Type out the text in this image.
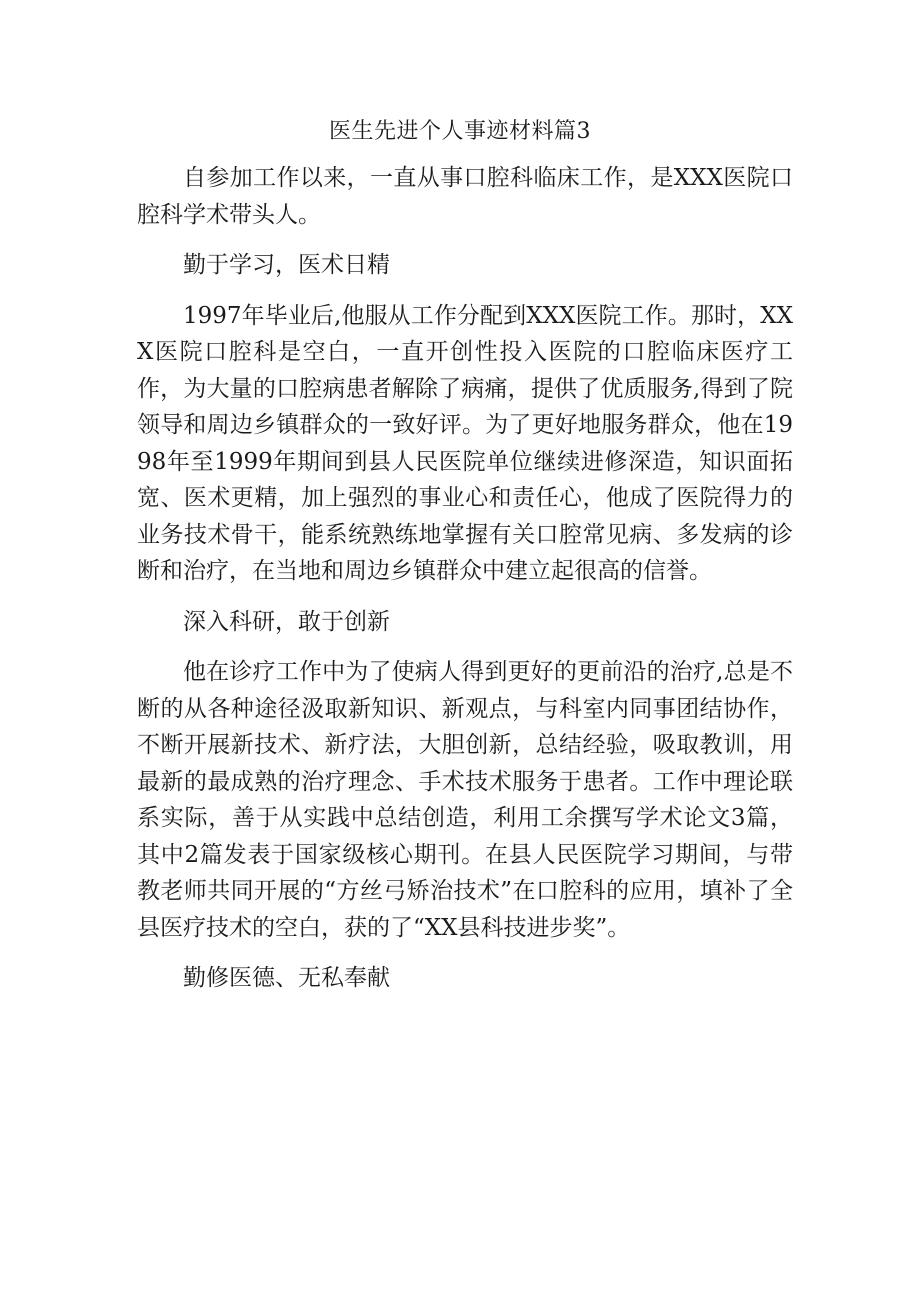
医生先进个人事迹材料篇3

自参加工作以来，一直从事口腔科临床工作，是XXX医院口腔科学术带头人。

勤于学习，医术日精

1997年毕业后,他服从工作分配到XXX医院工作。那时，XXX医院口腔科是空白，一直开创性投入医院的口腔临床医疗工作，为大量的口腔病患者解除了病痛，提供了优质服务,得到了院领导和周边乡镇群众的一致好评。为了更好地服务群众，他在1998年至1999年期间到县人民医院单位继续进修深造，知识面拓宽、医术更精，加上强烈的事业心和责任心，他成了医院得力的业务技术骨干，能系统熟练地掌握有关口腔常见病、多发病的诊断和治疗，在当地和周边乡镇群众中建立起很高的信誉。

深入科研，敢于创新

他在诊疗工作中为了使病人得到更好的更前沿的治疗,总是不断的从各种途径汲取新知识、新观点，与科室内同事团结协作，不断开展新技术、新疗法，大胆创新，总结经验，吸取教训，用最新的最成熟的治疗理念、手术技术服务于患者。工作中理论联系实际，善于从实践中总结创造，利用工余撰写学术论文3篇，其中2篇发表于国家级核心期刊。在县人民医院学习期间，与带教老师共同开展的“方丝弓矫治技术”在口腔科的应用，填补了全县医疗技术的空白，获的了“XX县科技进步奖”。

勤修医德、无私奉献
